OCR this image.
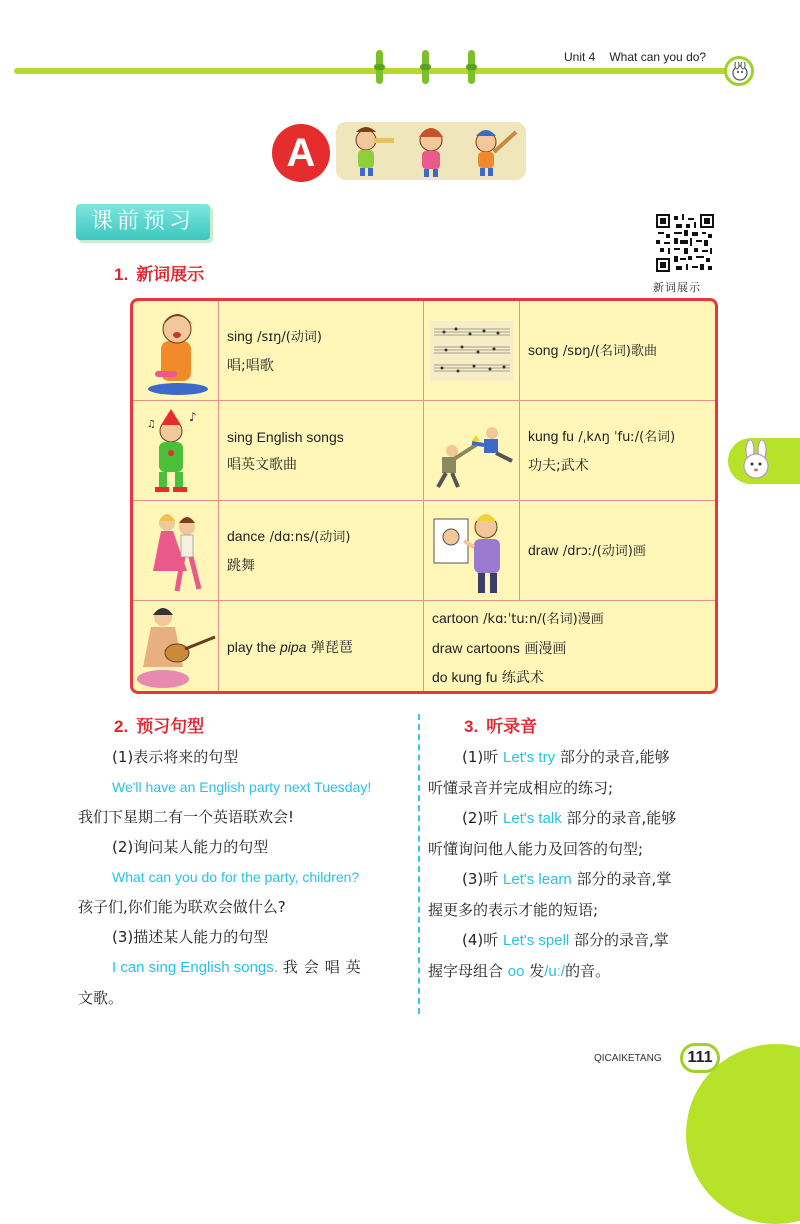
Unit 4 What can you do?
A
课前预习
新词展示
1. 新词展示
sing /sɪŋ/(动词)
唱;唱歌
song /sɒŋ/(名词)歌曲
♪
♫
sing English songs
唱英文歌曲
kung fu /ˌkʌŋ ˈfuː/(名词)
功夫;武术
dance /dɑːns/(动词)
跳舞
draw /drɔː/(动词)画
play the pipa 弹琵琶
cartoon /kɑːˈtuːn/(名词)漫画
draw cartoons 画漫画
do kung fu 练武术
2. 预习句型
(1)表示将来的句型
We'll have an English party next Tuesday!
我们下星期二有一个英语联欢会!
(2)询问某人能力的句型
What can you do for the party, children?
孩子们,你们能为联欢会做什么?
(3)描述某人能力的句型
I can sing English songs. 我会唱英
文歌。
3. 听录音
(1)听 Let's try 部分的录音,能够
听懂录音并完成相应的练习;
(2)听 Let's talk 部分的录音,能够
听懂询问他人能力及回答的句型;
(3)听 Let's learn 部分的录音,掌
握更多的表示才能的短语;
(4)听 Let's spell 部分的录音,掌
握字母组合 oo 发/uː/的音。
QICAIKETANG	111
